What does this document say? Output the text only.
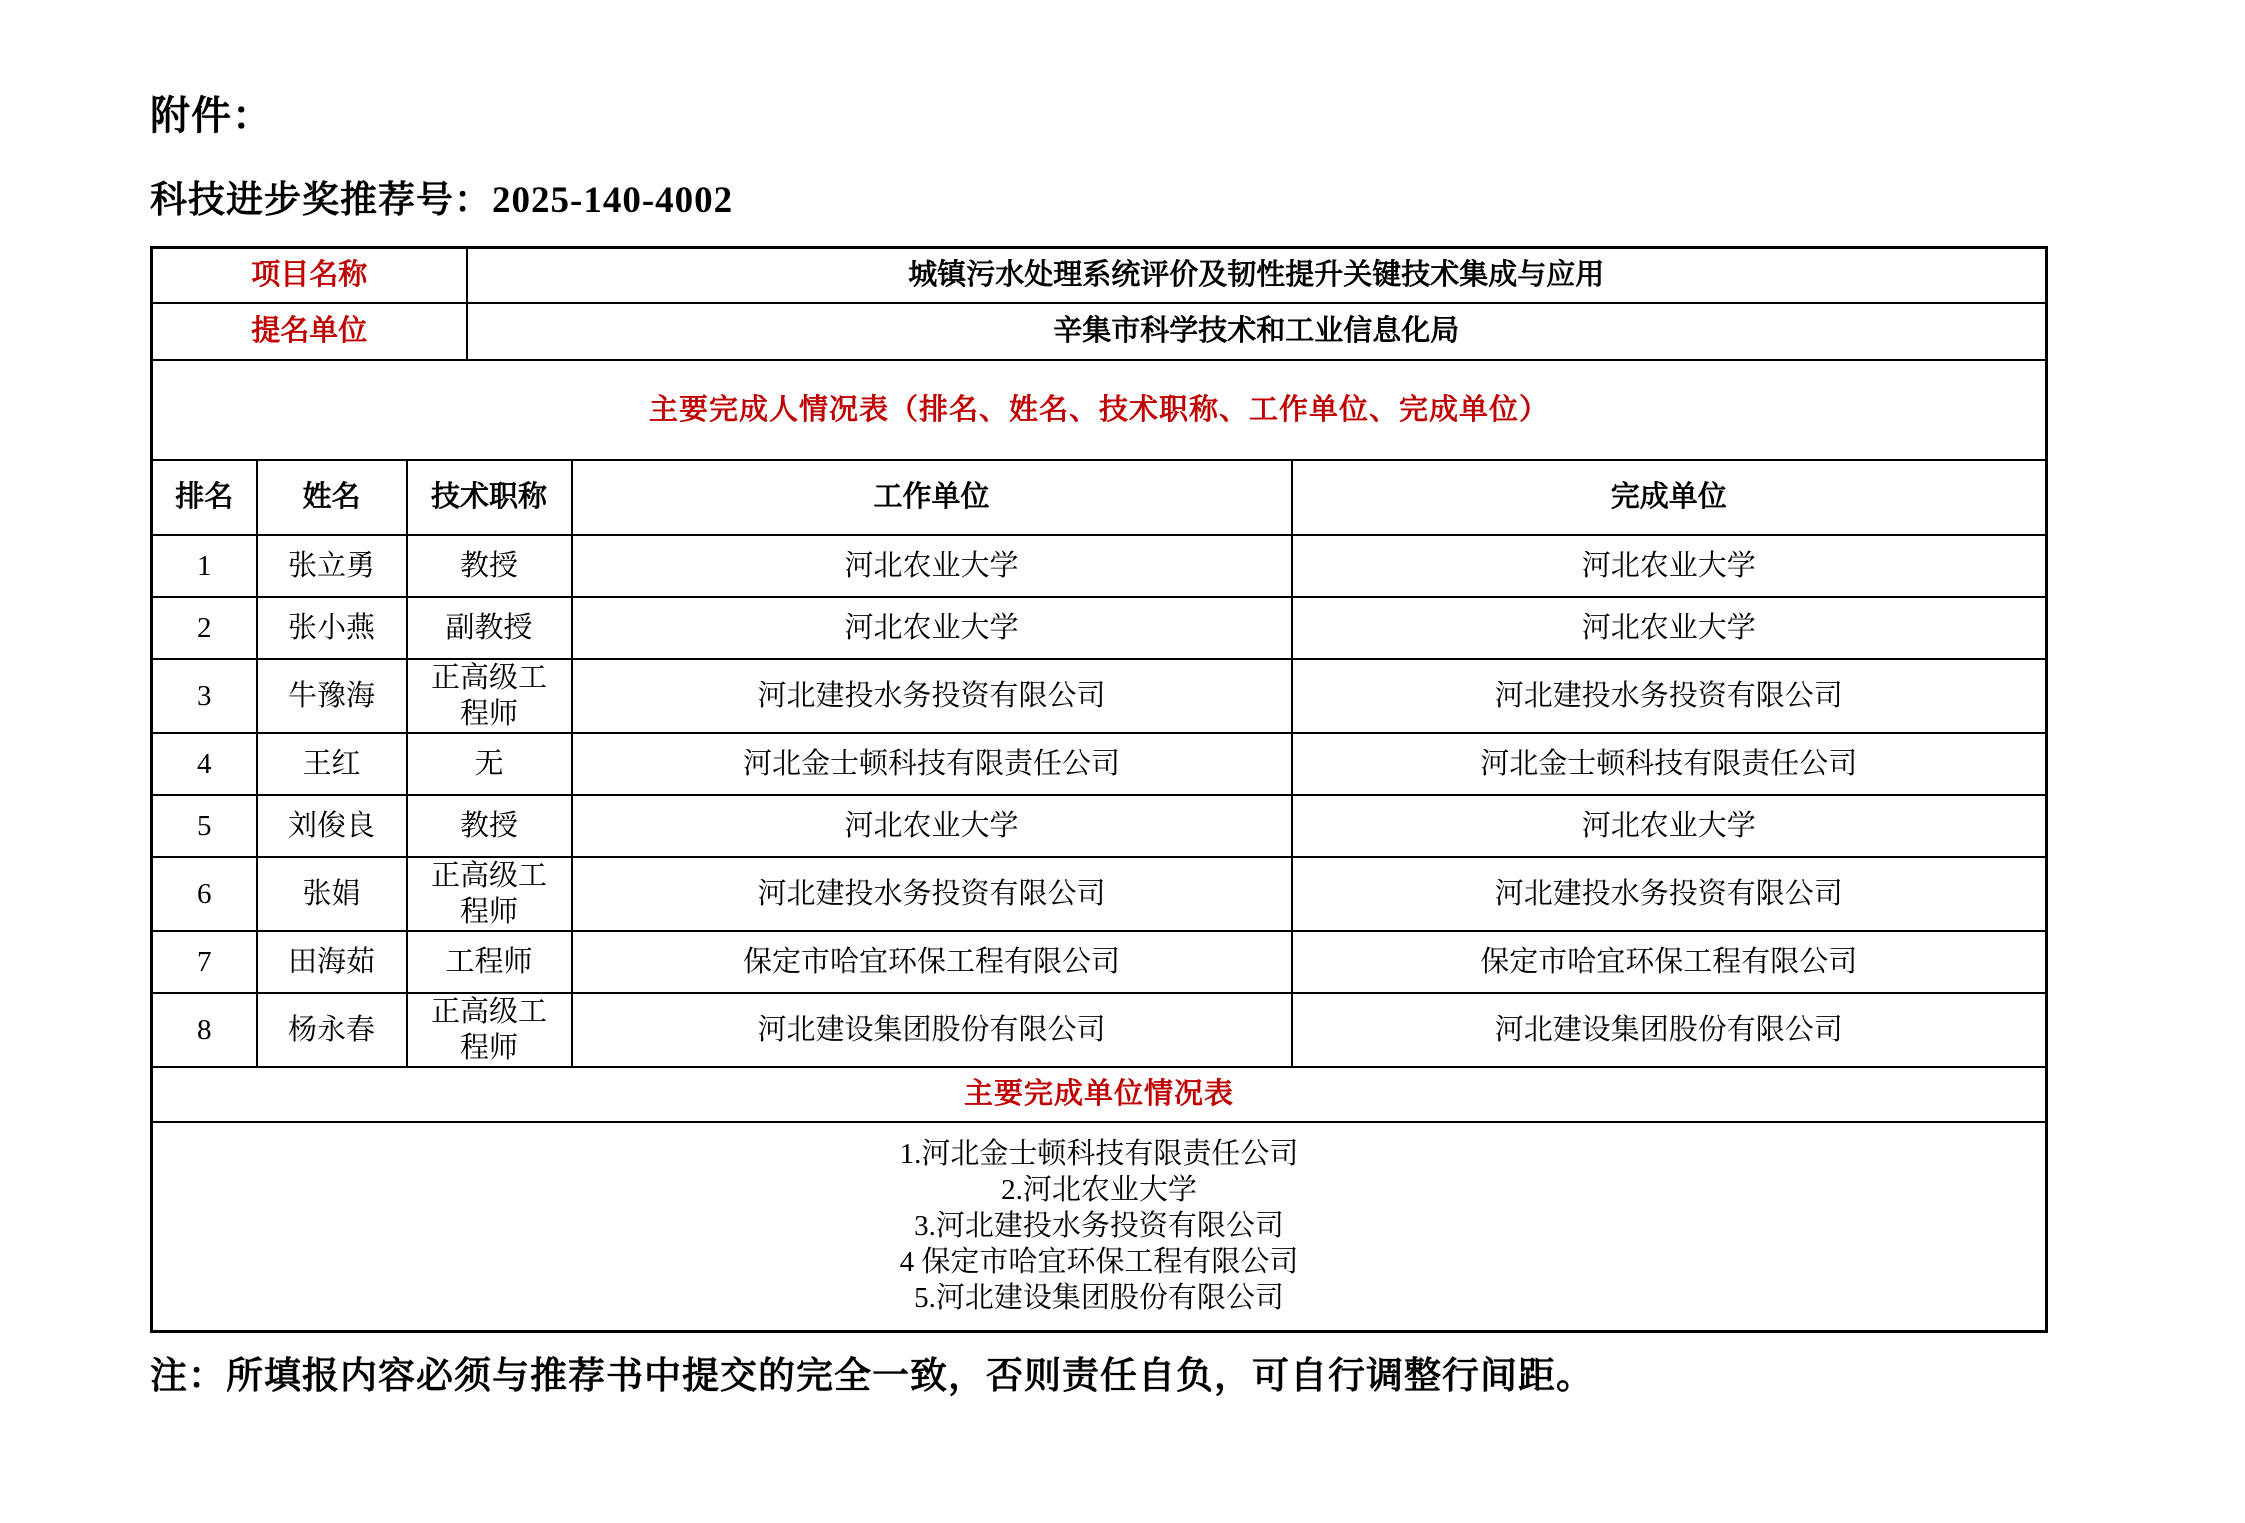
附件：
科技进步奖推荐号：2025-140-4002
项目名称			城镇污水处理系统评价及韧性提升关键技术集成与应用		
提名单位			辛集市科学技术和工业信息化局		
主要完成人情况表（排名、姓名、技术职称、工作单位、完成单位）					
排名	姓名	技术职称		工作单位	完成单位
1	张立勇	教授		河北农业大学	河北农业大学
2	张小燕	副教授		河北农业大学	河北农业大学
3	牛豫海	正高级工程师		河北建投水务投资有限公司	河北建投水务投资有限公司
4	王红	无		河北金士顿科技有限责任公司	河北金士顿科技有限责任公司
5	刘俊良	教授		河北农业大学	河北农业大学
6	张娟	正高级工程师		河北建投水务投资有限公司	河北建投水务投资有限公司
7	田海茹	工程师		保定市哈宜环保工程有限公司	保定市哈宜环保工程有限公司
8	杨永春	正高级工程师		河北建设集团股份有限公司	河北建设集团股份有限公司
主要完成单位情况表					

1.河北金士顿科技有限责任公司
2.河北农业大学
3.河北建投水务投资有限公司
4 保定市哈宜环保工程有限公司
5.河北建设集团股份有限公司					
注：所填报内容必须与推荐书中提交的完全一致，否则责任自负，可自行调整行间距。
